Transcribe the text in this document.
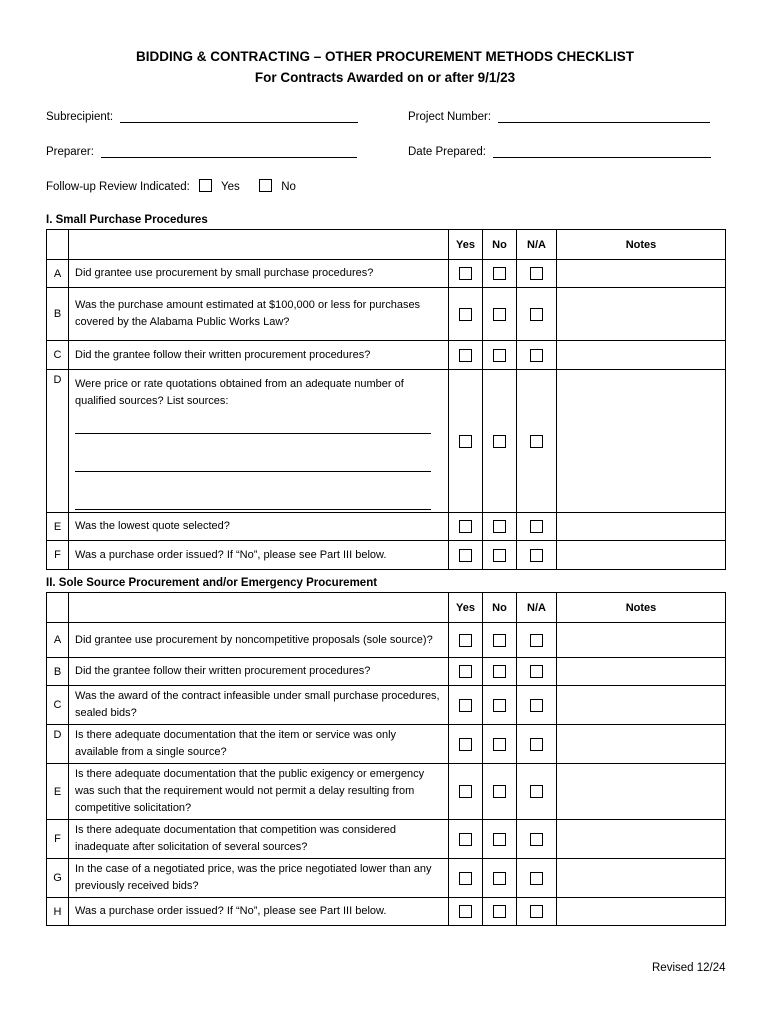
BIDDING & CONTRACTING – OTHER PROCUREMENT METHODS CHECKLIST
For Contracts Awarded on or after 9/1/23
Subrecipient:	Project Number:
Preparer:	Date Prepared:
Follow-up Review Indicated:	Yes	No
I. Small Purchase Procedures
		Yes	No	N/A	Notes
A	Did grantee use procurement by small purchase procedures?				
B	Was the purchase amount estimated at $100,000 or less for purchases covered by the Alabama Public Works Law?				
C	Did the grantee follow their written procurement procedures?				
D	Were price or rate quotations obtained from an adequate number of qualified sources? List sources:				

E	Was the lowest quote selected?				
F	Was a purchase order issued? If “No”, please see Part III below.				
II. Sole Source Procurement and/or Emergency Procurement
		Yes	No	N/A	Notes
A	Did grantee use procurement by noncompetitive proposals (sole source)?				
B	Did the grantee follow their written procurement procedures?				
C	Was the award of the contract infeasible under small purchase procedures, sealed bids?				
D	Is there adequate documentation that the item or service was only available from a single source?				
E	Is there adequate documentation that the public exigency or emergency was such that the requirement would not permit a delay resulting from competitive solicitation?				
F	Is there adequate documentation that competition was considered inadequate after solicitation of several sources?				
G	In the case of a negotiated price, was the price negotiated lower than any previously received bids?				
H	Was a purchase order issued? If “No”, please see Part III below.				
Revised 12/24
